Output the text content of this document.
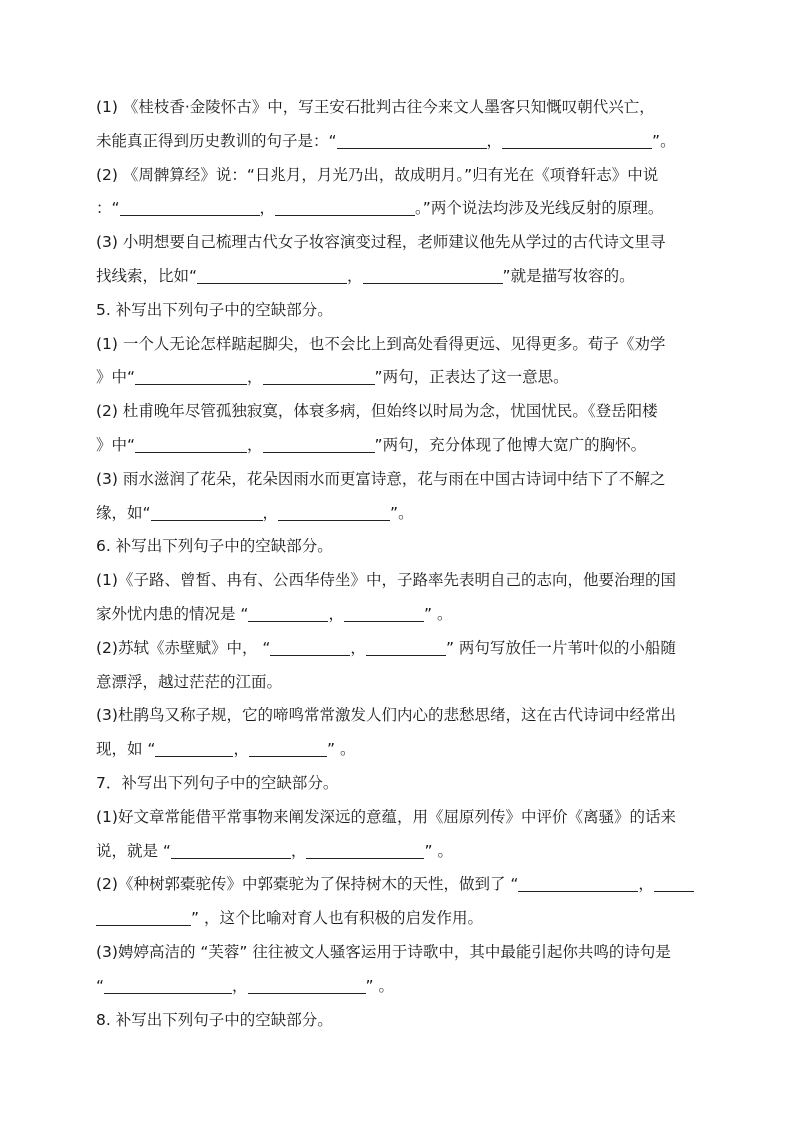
(1) 《桂枝香·金陵怀古》中，写王安石批判古往今来文人墨客只知慨叹朝代兴亡，
未能真正得到历史教训的句子是：“	，	”。
(2) 《周髀算经》说：“日兆月，月光乃出，故成明月。”归有光在《项脊轩志》中说
：“	，	。”两个说法均涉及光线反射的原理。
(3) 小明想要自己梳理古代女子妆容演变过程，老师建议他先从学过的古代诗文里寻
找线索，比如“	，	”就是描写妆容的。
5. 补写出下列句子中的空缺部分。
(1) 一个人无论怎样踮起脚尖，也不会比上到高处看得更远、见得更多。荀子《劝学
》中“	，	”两句，正表达了这一意思。
(2) 杜甫晚年尽管孤独寂寞，体衰多病，但始终以时局为念，忧国忧民。《登岳阳楼
》中“	，	”两句，充分体现了他博大宽广的胸怀。
(3) 雨水滋润了花朵，花朵因雨水而更富诗意，花与雨在中国古诗词中结下了不解之
缘，如“	，	”。
6. 补写出下列句子中的空缺部分。
(1)《子路、曾皙、冉有、公西华侍坐》中，子路率先表明自己的志向，他要治理的国
家外忧内患的情况是 “	，	” 。
(2)苏轼《赤壁赋》中， “	，	” 两句写放任一片苇叶似的小船随
意漂浮，越过茫茫的江面。
(3)杜鹃鸟又称子规，它的啼鸣常常激发人们内心的悲愁思绪，这在古代诗词中经常出
现，如 “	，	” 。
7．补写出下列句子中的空缺部分。
(1)好文章常能借平常事物来阐发深远的意蕴，用《屈原列传》中评价《离骚》的话来
说，就是 “	，	” 。
(2)《种树郭橐驼传》中郭橐驼为了保持树木的天性，做到了 “	，
” ，这个比喻对育人也有积极的启发作用。
(3)娉婷高洁的 “芙蓉” 往往被文人骚客运用于诗歌中，其中最能引起你共鸣的诗句是
“	，	” 。
8. 补写出下列句子中的空缺部分。
